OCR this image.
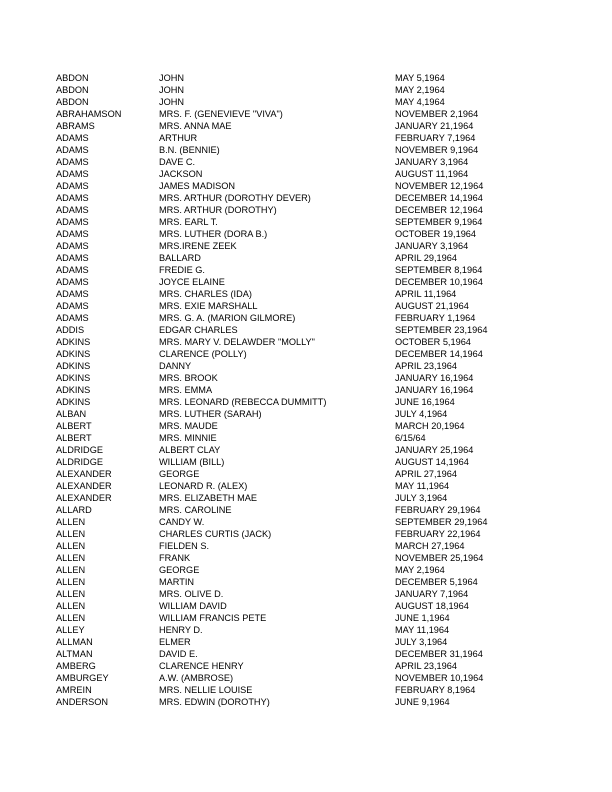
ABDON	JOHN	MAY 5,1964
ABDON	JOHN	MAY 2,1964
ABDON	JOHN	MAY 4,1964
ABRAHAMSON	MRS. F. (GENEVIEVE "VIVA")	NOVEMBER 2,1964
ABRAMS	MRS. ANNA MAE	JANUARY 21,1964
ADAMS	ARTHUR	FEBRUARY 7,1964
ADAMS	B.N. (BENNIE)	NOVEMBER 9,1964
ADAMS	DAVE C.	JANUARY 3,1964
ADAMS	JACKSON	AUGUST 11,1964
ADAMS	JAMES MADISON	NOVEMBER 12,1964
ADAMS	MRS. ARTHUR (DOROTHY DEVER)	DECEMBER 14,1964
ADAMS	MRS. ARTHUR (DOROTHY)	DECEMBER 12,1964
ADAMS	MRS. EARL T.	SEPTEMBER 9,1964
ADAMS	MRS. LUTHER (DORA B.)	OCTOBER 19,1964
ADAMS	MRS.IRENE ZEEK	JANUARY 3,1964
ADAMS	BALLARD	APRIL 29,1964
ADAMS	FREDIE G.	SEPTEMBER 8,1964
ADAMS	JOYCE ELAINE	DECEMBER 10,1964
ADAMS	MRS. CHARLES (IDA)	APRIL 11,1964
ADAMS	MRS. EXIE MARSHALL	AUGUST 21,1964
ADAMS	MRS. G. A. (MARION GILMORE)	FEBRUARY 1,1964
ADDIS	EDGAR CHARLES	SEPTEMBER 23,1964
ADKINS	MRS. MARY V. DELAWDER "MOLLY"	OCTOBER 5,1964
ADKINS	CLARENCE (POLLY)	DECEMBER 14,1964
ADKINS	DANNY	APRIL 23,1964
ADKINS	MRS. BROOK	JANUARY 16,1964
ADKINS	MRS. EMMA	JANUARY 16,1964
ADKINS	MRS. LEONARD (REBECCA DUMMITT)	JUNE 16,1964
ALBAN	MRS. LUTHER (SARAH)	JULY 4,1964
ALBERT	MRS. MAUDE	MARCH 20,1964
ALBERT	MRS. MINNIE	6/15/64
ALDRIDGE	ALBERT CLAY	JANUARY 25,1964
ALDRIDGE	WILLIAM (BILL)	AUGUST 14,1964
ALEXANDER	GEORGE	APRIL 27,1964
ALEXANDER	LEONARD R. (ALEX)	MAY 11,1964
ALEXANDER	MRS. ELIZABETH MAE	JULY 3,1964
ALLARD	MRS. CAROLINE	FEBRUARY 29,1964
ALLEN	CANDY W.	SEPTEMBER 29,1964
ALLEN	CHARLES CURTIS (JACK)	FEBRUARY 22,1964
ALLEN	FIELDEN S.	MARCH 27,1964
ALLEN	FRANK	NOVEMBER 25,1964
ALLEN	GEORGE	MAY 2,1964
ALLEN	MARTIN	DECEMBER 5,1964
ALLEN	MRS. OLIVE D.	JANUARY 7,1964
ALLEN	WILLIAM DAVID	AUGUST 18,1964
ALLEN	WILLIAM FRANCIS PETE	JUNE 1,1964
ALLEY	HENRY D.	MAY 11,1964
ALLMAN	ELMER	JULY 3,1964
ALTMAN	DAVID E.	DECEMBER 31,1964
AMBERG	CLARENCE HENRY	APRIL 23,1964
AMBURGEY	A.W. (AMBROSE)	NOVEMBER 10,1964
AMREIN	MRS. NELLIE LOUISE	FEBRUARY 8,1964
ANDERSON	MRS. EDWIN (DOROTHY)	JUNE 9,1964
